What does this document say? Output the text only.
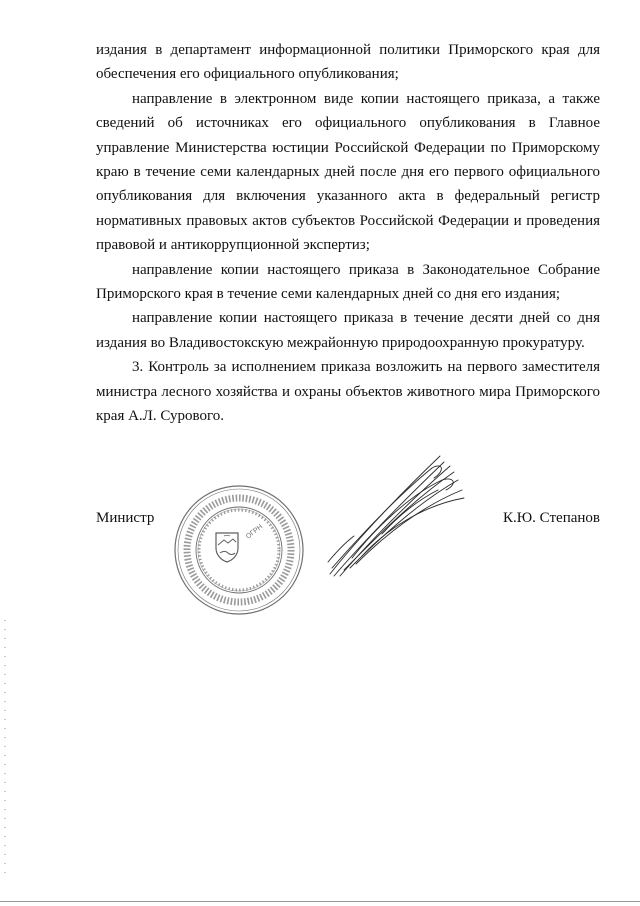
издания в департамент информационной политики Приморского края для обеспечения его официального опубликования;

направление в электронном виде копии настоящего приказа, а также сведений об источниках его официального опубликования в Главное управление Министерства юстиции Российской Федерации по Приморскому краю в течение семи календарных дней после дня его первого официального опубликования для включения указанного акта в федеральный регистр нормативных правовых актов субъектов Российской Федерации и проведения правовой и антикоррупционной экспертиз;

направление копии настоящего приказа в Законодательное Собрание Приморского края в течение семи календарных дней со дня его издания;

направление копии настоящего приказа в течение десяти дней со дня издания во Владивостокскую межрайонную природоохранную прокуратуру.

3. Контроль за исполнением приказа возложить на первого заместителя министра лесного хозяйства и охраны объектов животного мира Приморского края А.Л. Сурового.

Министр	К.Ю. Степанов
ОГРН
